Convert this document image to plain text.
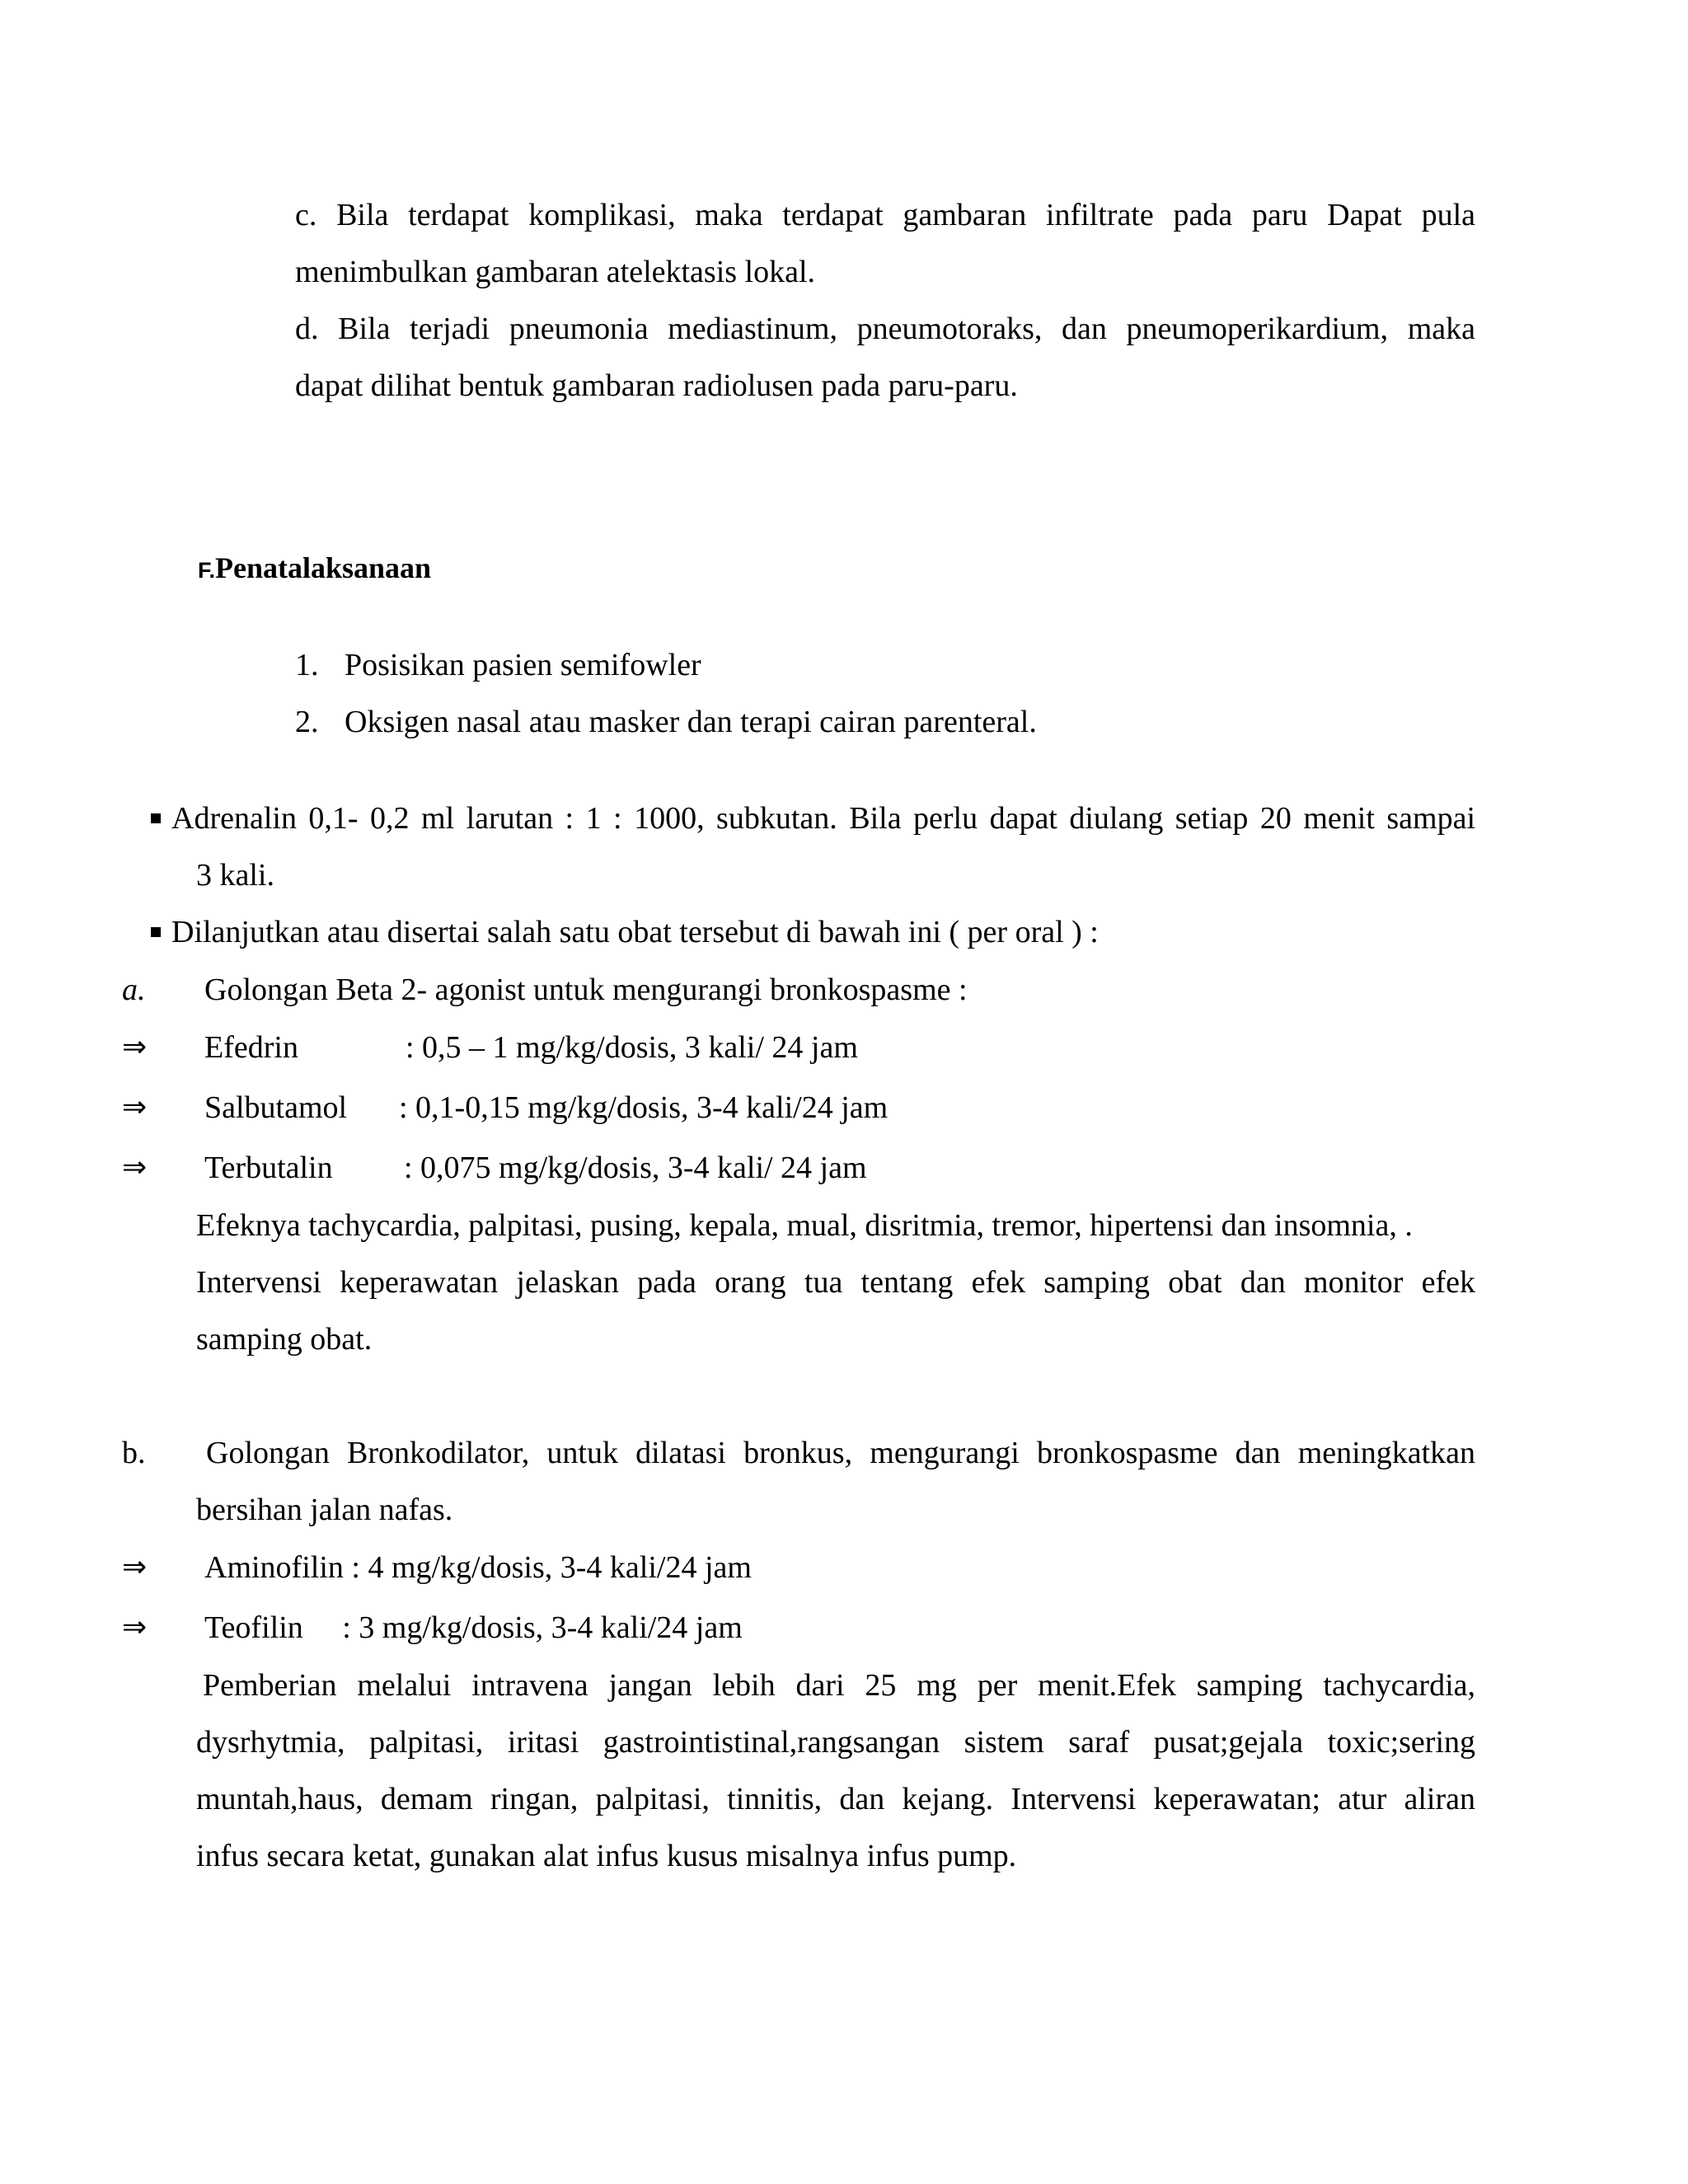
c. Bila terdapat komplikasi, maka terdapat gambaran infiltrate pada paru Dapat pula
menimbulkan gambaran atelektasis lokal.
d. Bila terjadi pneumonia mediastinum, pneumotoraks, dan pneumoperikardium, maka
dapat dilihat bentuk gambaran radiolusen pada paru-paru.
F.Penatalaksanaan
1. Posisikan pasien semifowler
2. Oksigen nasal atau masker dan terapi cairan parenteral.
Adrenalin 0,1- 0,2 ml larutan : 1 : 1000, subkutan. Bila perlu dapat diulang setiap 20 menit sampai
3 kali.
Dilanjutkan atau disertai salah satu obat tersebut di bawah ini ( per oral ) :
a. Golongan Beta 2- agonist untuk mengurangi bronkospasme :
⇒ Efedrin	: 0,5 – 1 mg/kg/dosis, 3 kali/ 24 jam
⇒ Salbutamol : 0,1-0,15 mg/kg/dosis, 3-4 kali/24 jam
⇒ Terbutalin : 0,075 mg/kg/dosis, 3-4 kali/ 24 jam
Efeknya tachycardia, palpitasi, pusing, kepala, mual, disritmia, tremor, hipertensi dan insomnia, .
Intervensi keperawatan jelaskan pada orang tua tentang efek samping obat dan monitor efek
samping obat.
b. Golongan Bronkodilator, untuk dilatasi bronkus, mengurangi bronkospasme dan meningkatkan
bersihan jalan nafas.
⇒ Aminofilin : 4 mg/kg/dosis, 3-4 kali/24 jam
⇒ Teofilin     : 3 mg/kg/dosis, 3-4 kali/24 jam
Pemberian melalui intravena jangan lebih dari 25 mg per menit.Efek samping tachycardia,
dysrhytmia, palpitasi, iritasi gastrointistinal,rangsangan sistem saraf pusat;gejala toxic;sering
muntah,haus, demam ringan, palpitasi, tinnitis, dan kejang. Intervensi keperawatan; atur aliran
infus secara ketat, gunakan alat infus kusus misalnya infus pump.
